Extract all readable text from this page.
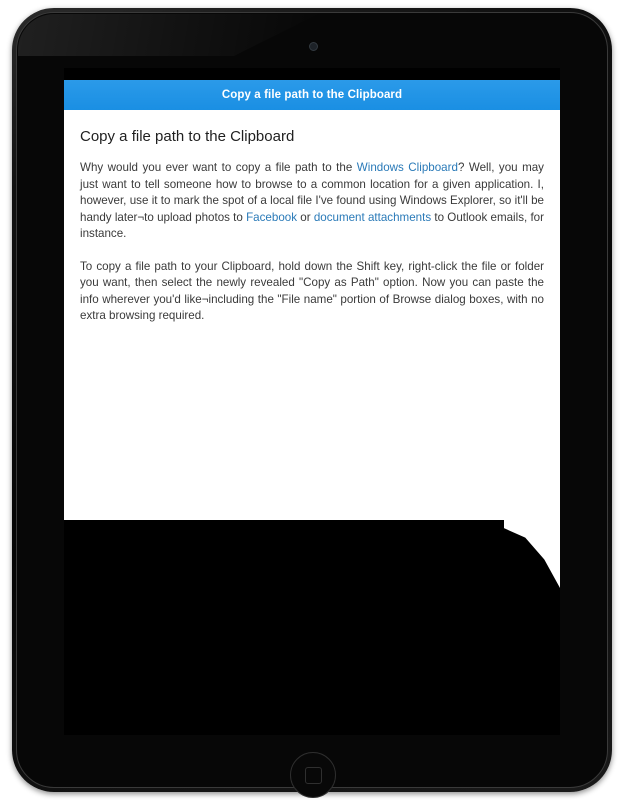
Copy a file path to the Clipboard
Copy a file path to the Clipboard

Why would you ever want to copy a file path to the Windows Clipboard? Well, you may just want to tell someone how to browse to a common location for a given application. I, however, use it to mark the spot of a local file I've found using Windows Explorer, so it'll be handy later¬to upload photos to Facebook or document attachments to Outlook emails, for instance.

To copy a file path to your Clipboard, hold down the Shift key, right-click the file or folder you want, then select the newly revealed "Copy as Path" option. Now you can paste the info wherever you'd like¬including the "File name" portion of Browse dialog boxes, with no extra browsing required.
